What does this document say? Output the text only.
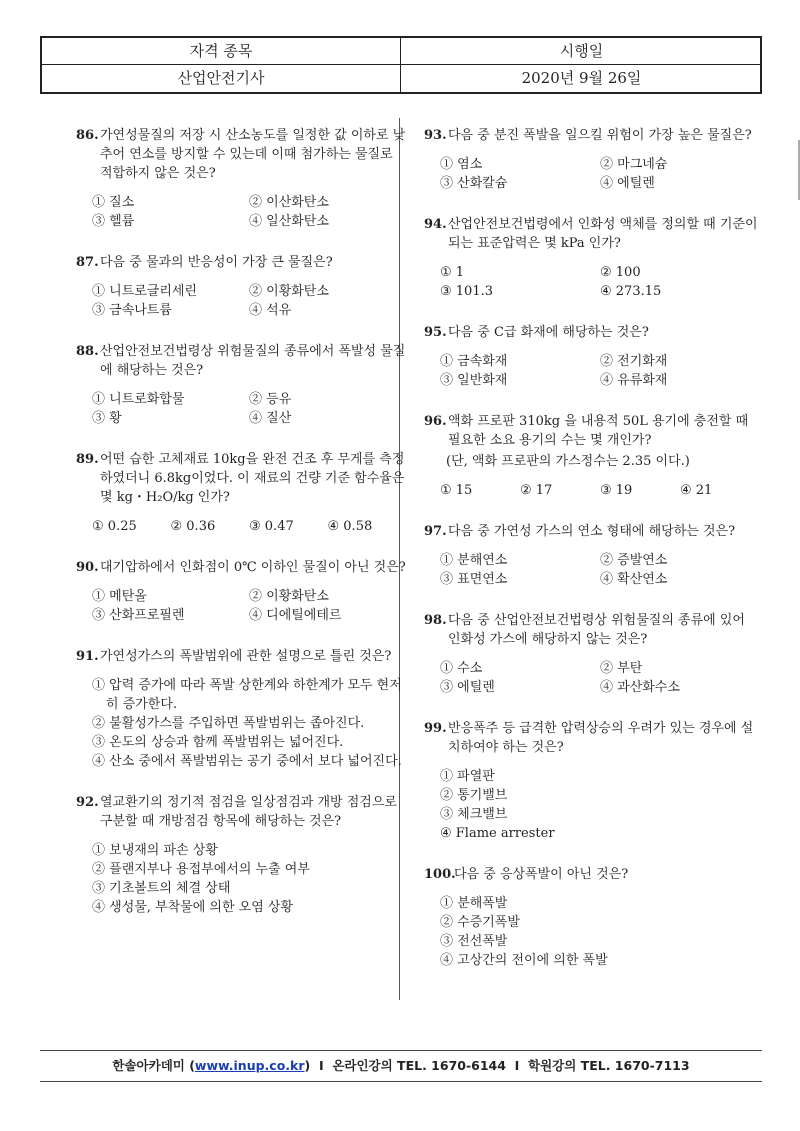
자격 종목	시행일
산업안전기사	2020년 9월 26일
86. 가연성물질의 저장 시 산소농도를 일정한 값 이하로 낮추어 연소를 방지할 수 있는데 이때 첨가하는 물질로 적합하지 않은 것은?
① 질소	② 이산화탄소
③ 헬륨	④ 일산화탄소
87. 다음 중 물과의 반응성이 가장 큰 물질은?
① 니트로글리세린	② 이황화탄소
③ 금속나트륨	④ 석유
88. 산업안전보건법령상 위험물질의 종류에서 폭발성 물질에 해당하는 것은?
① 니트로화합물	② 등유
③ 황	④ 질산
89. 어떤 습한 고체재료 10kg을 완전 건조 후 무게를 측정하였더니 6.8kg이었다. 이 재료의 건량 기준 함수율은 몇 kg・H₂O/kg 인가?
① 0.25	② 0.36	③ 0.47	④ 0.58
90. 대기압하에서 인화점이 0℃ 이하인 물질이 아닌 것은?
① 메탄올	② 이황화탄소
③ 산화프로필렌	④ 디에틸에테르
91. 가연성가스의 폭발범위에 관한 설명으로 틀린 것은?
① 압력 증가에 따라 폭발 상한계와 하한계가 모두 현저히 증가한다.
② 불활성가스를 주입하면 폭발범위는 좁아진다.
③ 온도의 상승과 함께 폭발범위는 넓어진다.
④ 산소 중에서 폭발범위는 공기 중에서 보다 넓어진다.
92. 열교환기의 정기적 점검을 일상점검과 개방 점검으로 구분할 때 개방점검 항목에 해당하는 것은?
① 보냉재의 파손 상황
② 플랜지부나 용접부에서의 누출 여부
③ 기초볼트의 체결 상태
④ 생성물, 부착물에 의한 오염 상황
93. 다음 중 분진 폭발을 일으킬 위험이 가장 높은 물질은?
① 염소	② 마그네슘
③ 산화칼슘	④ 에틸렌
94. 산업안전보건법령에서 인화성 액체를 정의할 때 기준이 되는 표준압력은 몇 kPa 인가?
① 1	② 100
③ 101.3	④ 273.15
95. 다음 중 C급 화재에 해당하는 것은?
① 금속화재	② 전기화재
③ 일반화재	④ 유류화재
96. 액화 프로판 310kg 을 내용적 50L 용기에 충전할 때 필요한 소요 용기의 수는 몇 개인가?
(단, 액화 프로판의 가스정수는 2.35 이다.)
① 15	② 17	③ 19	④ 21
97. 다음 중 가연성 가스의 연소 형태에 해당하는 것은?
① 분해연소	② 증발연소
③ 표면연소	④ 확산연소
98. 다음 중 산업안전보건법령상 위험물질의 종류에 있어 인화성 가스에 해당하지 않는 것은?
① 수소	② 부탄
③ 에틸렌	④ 과산화수소
99. 반응폭주 등 급격한 압력상승의 우려가 있는 경우에 설치하여야 하는 것은?
① 파열판
② 통기밸브
③ 체크밸브
④ Flame arrester
100.
다음 중 응상폭발이 아닌 것은?
① 분해폭발
② 수증기폭발
③ 전선폭발
④ 고상간의 전이에 의한 폭발
한솔아카데미 (www.inup.co.kr)  I  온라인강의 TEL. 1670-6144  I  학원강의 TEL. 1670-7113
